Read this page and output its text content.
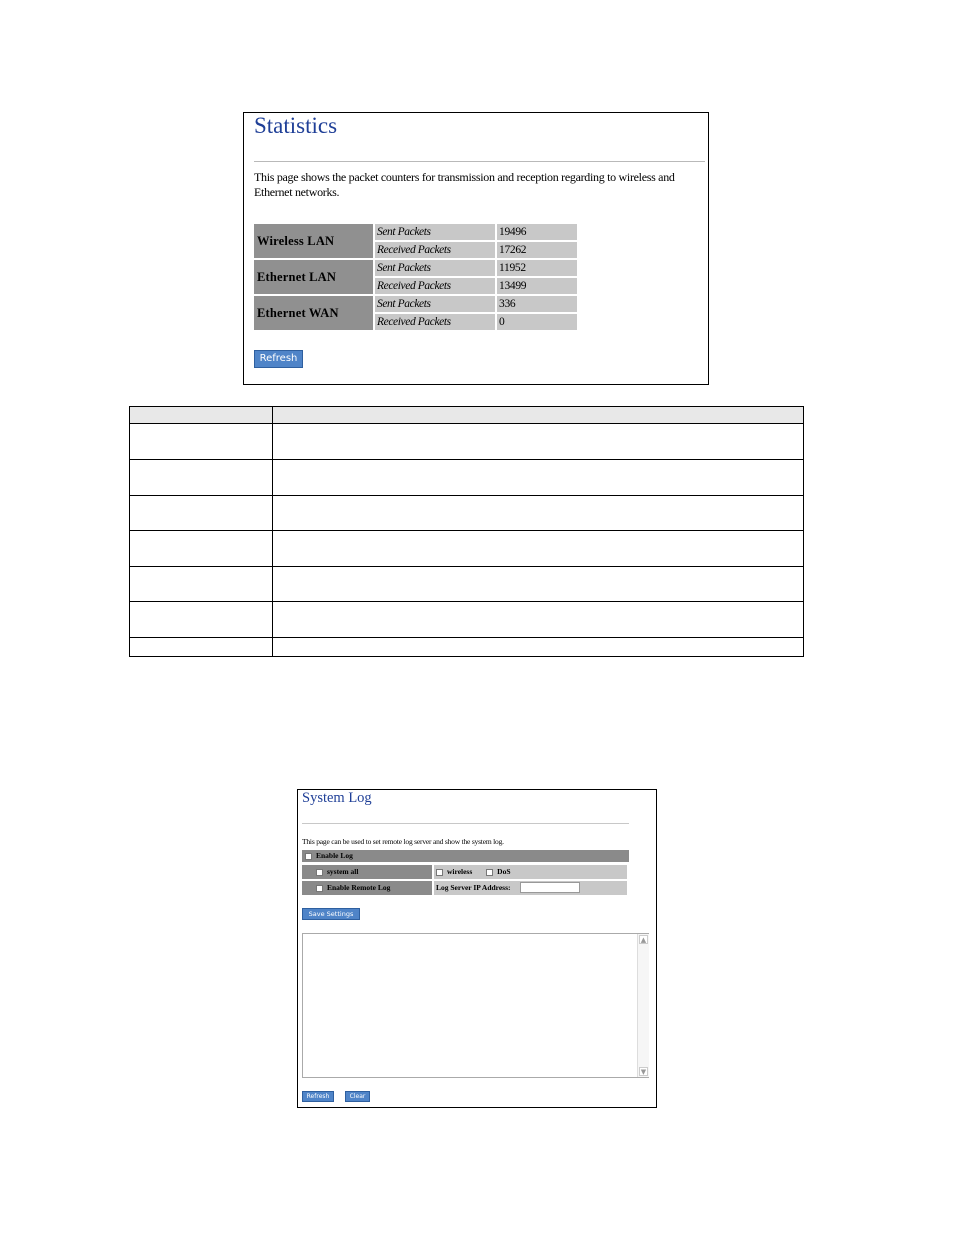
Statistics
This page shows the packet counters for transmission and reception regarding to wireless and Ethernet networks.
Wireless LAN
Sent Packets	19496
Received Packets	17262
Ethernet LAN
Sent Packets	11952
Received Packets	13499
Ethernet WAN
Sent Packets	336
Received Packets	0
Refresh
System Log
This page can be used to set remote log server and show the system log.
Enable Log
system all	wireless	DoS
Enable Remote Log	Log Server IP Address:
Save Settings
▲
▼
Refresh	Clear
